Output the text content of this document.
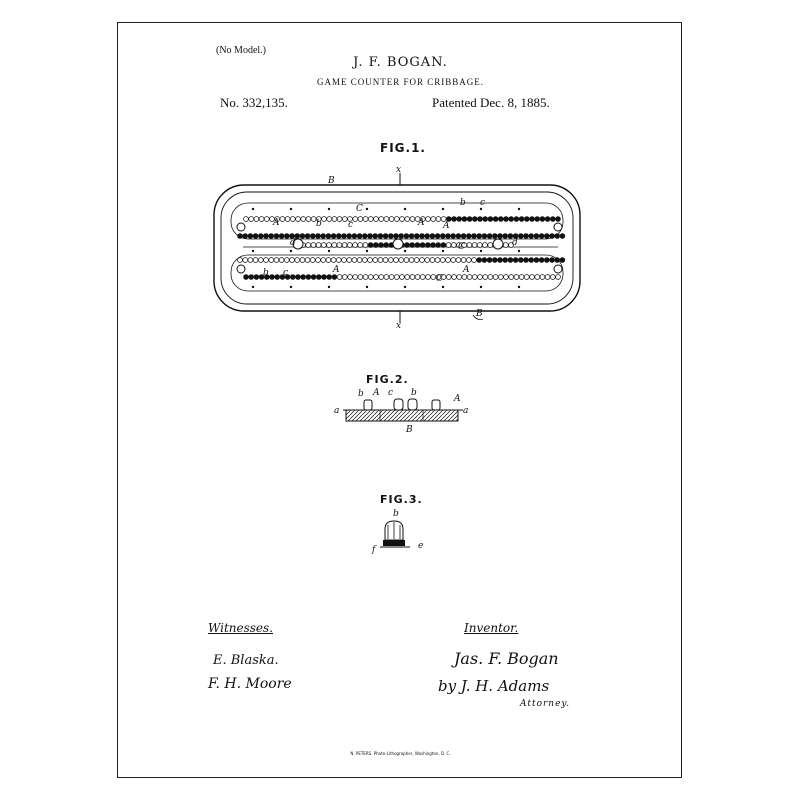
(No Model.)
J. F. BOGAN.
GAME COUNTER FOR CRIBBAGE.
No. 332,135.	Patented Dec. 8, 1885.
FIG.1.
x
x
B
B
C
C
C
A	A A
A	A
b
b
b
c
c
c
d	d
FIG.2.
a	a
A
b A c b
B
FIG.3.
b
e
f
Witnesses.
E. Blaska.
F. H. Moore
Inventor.
Jas. F. Bogan
by J. H. Adams
Attorney.
N. PETERS. Photo-Lithographer, Washington, D. C.
